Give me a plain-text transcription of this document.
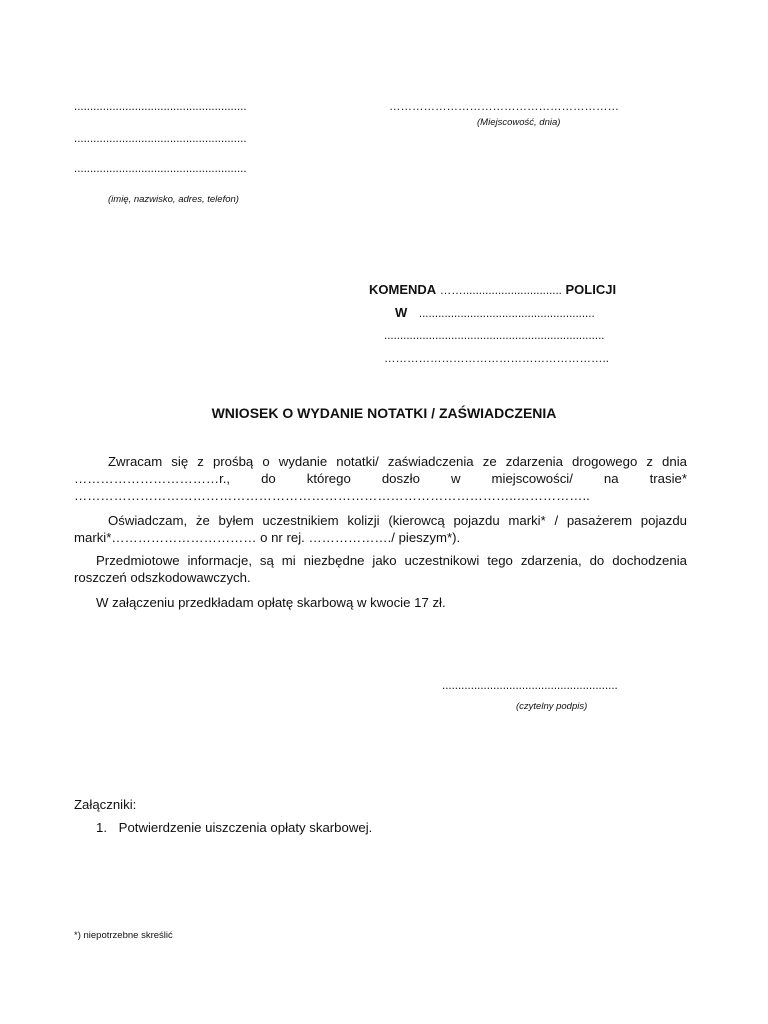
......................................................
......................................................
......................................................
(imię, nazwisko, adres, telefon)
……………………………………………………
(Miejscowość, dnia)
KOMENDA ……............................... POLICJI
W .......................................................
.....................................................................
…………………………………………………..
WNIOSEK O WYDANIE NOTATKI / ZAŚWIADCZENIA
Zwracam się z prośbą o wydanie notatki/ zaświadczenia ze zdarzenia drogowego z dnia
……………………………r., do którego doszło w miejscowości/ na trasie*
………………………………………………………………………………………..……………..
Oświadczam, że byłem uczestnikiem kolizji (kierowcą pojazdu marki* / pasażerem pojazdu
marki*…………………………… o nr rej. ………………./ pieszym*).
Przedmiotowe informacje, są mi niezbędne jako uczestnikowi tego zdarzenia, do dochodzenia
roszczeń odszkodowawczych.
W załączeniu przedkładam opłatę skarbową w kwocie 17 zł.
.......................................................
(czytelny podpis)
Załączniki:
1. Potwierdzenie uiszczenia opłaty skarbowej.
*) niepotrzebne skreślić
